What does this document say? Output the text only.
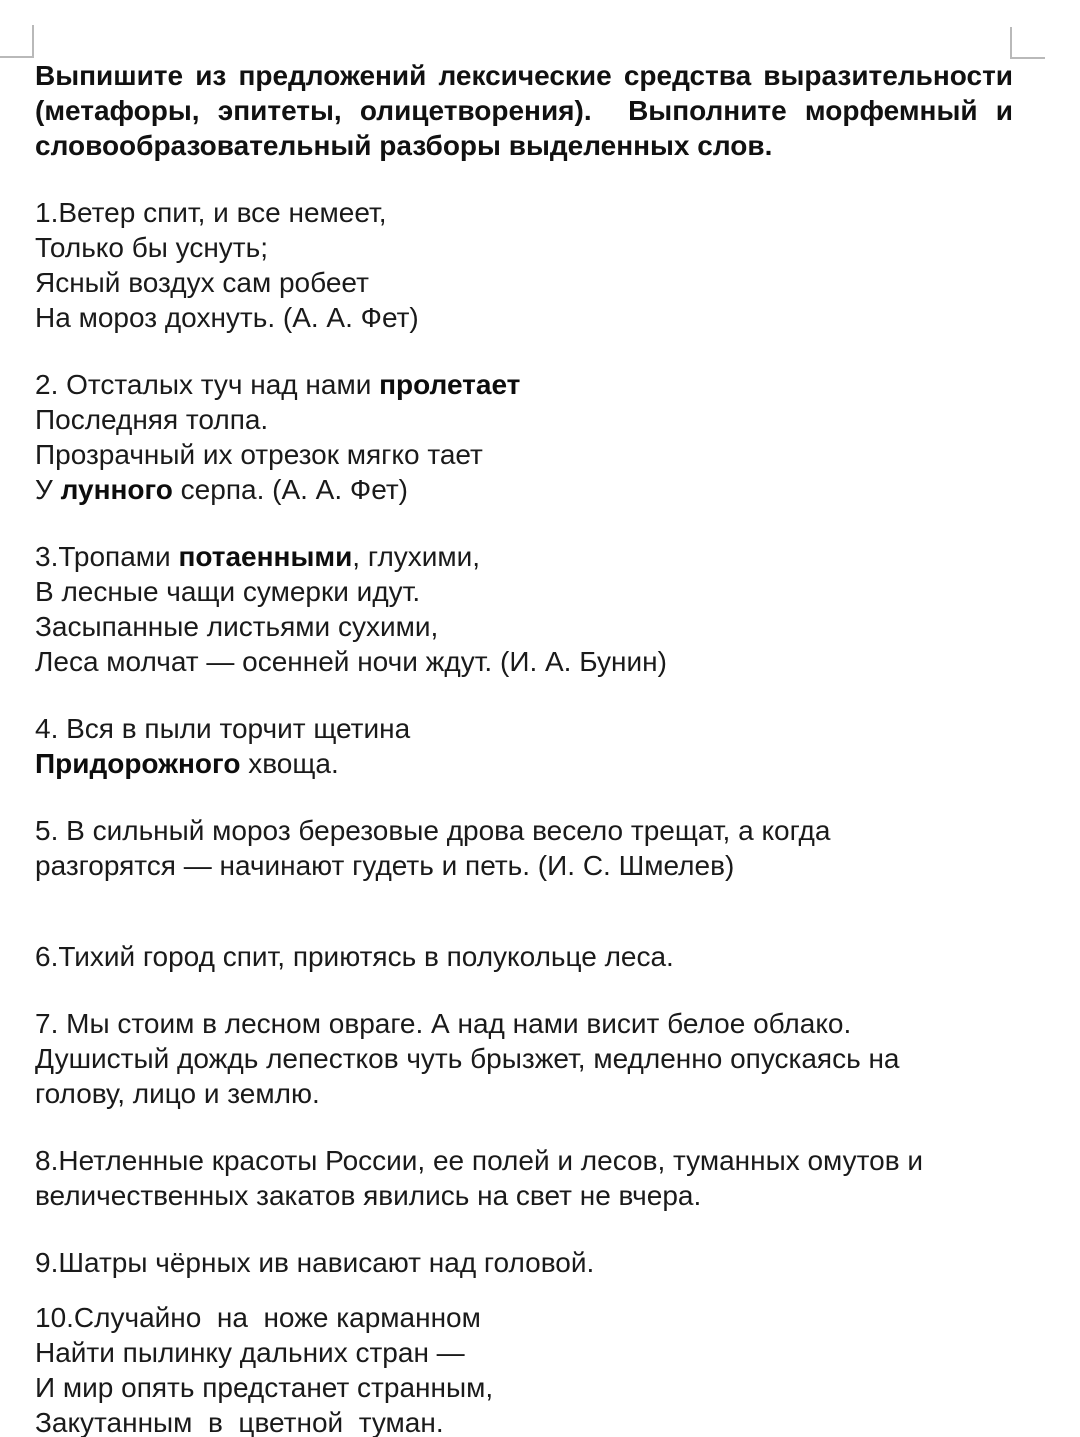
Выпишите из предложений лексические средства выразительности
(метафоры, эпитеты, олицетворения).  Выполните морфемный и
словообразовательный разборы выделенных слов.
1.Ветер спит, и все немеет,
Только бы уснуть;
Ясный воздух сам робеет
На мороз дохнуть. (А. А. Фет)
2. Отсталых туч над нами пролетает
Последняя толпа.
Прозрачный их отрезок мягко тает
У лунного серпа. (А. А. Фет)
3.Тропами потаенными, глухими,
В лесные чащи сумерки идут.
Засыпанные листьями сухими,
Леса молчат — осенней ночи ждут. (И. А. Бунин)
4. Вся в пыли торчит щетина
Придорожного хвоща.
5. В сильный мороз березовые дрова весело трещат, а когда
разгорятся — начинают гудеть и петь. (И. С. Шмелев)
6.Тихий город спит, приютясь в полукольце леса.
7. Мы стоим в лесном овраге. А над нами висит белое облако.
Душистый дождь лепестков чуть брызжет, медленно опускаясь на
голову, лицо и землю.
8.Нетленные красоты России, ее полей и лесов, туманных омутов и
величественных закатов явились на свет не вчера.
9.Шатры чёрных ив нависают над головой.
10.Случайно  на  ноже карманном
Найти пылинку дальних стран —
И мир опять предстанет странным,
Закутанным  в  цветной  туман.
